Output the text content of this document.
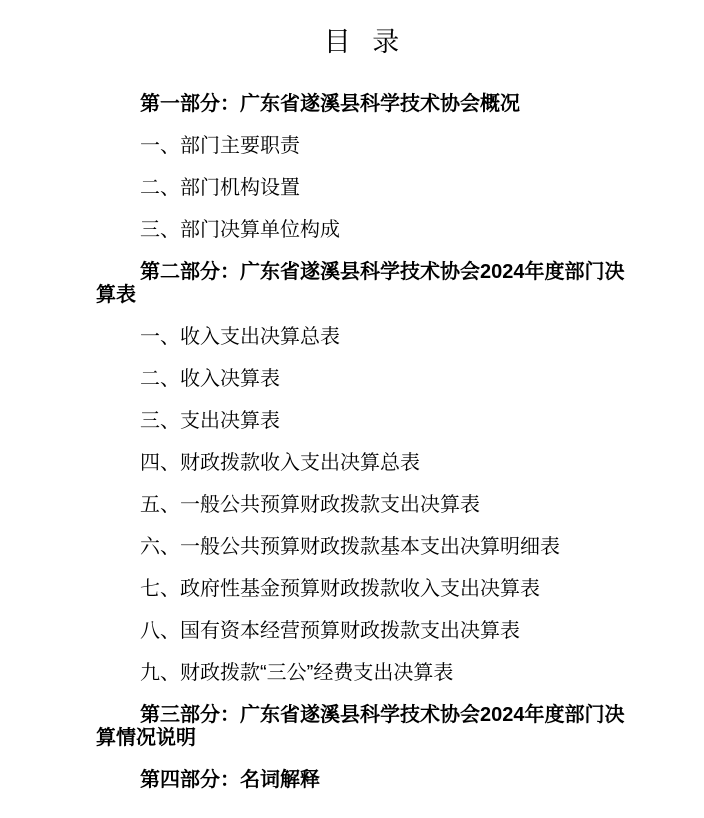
目 录

第一部分：广东省遂溪县科学技术协会概况

一、部门主要职责

二、部门机构设置

三、部门决算单位构成

第二部分：广东省遂溪县科学技术协会2024年度部门决算表

一、收入支出决算总表

二、收入决算表

三、支出决算表

四、财政拨款收入支出决算总表

五、一般公共预算财政拨款支出决算表

六、一般公共预算财政拨款基本支出决算明细表

七、政府性基金预算财政拨款收入支出决算表

八、国有资本经营预算财政拨款支出决算表

九、财政拨款“三公”经费支出决算表

第三部分：广东省遂溪县科学技术协会2024年度部门决算情况说明

第四部分：名词解释
